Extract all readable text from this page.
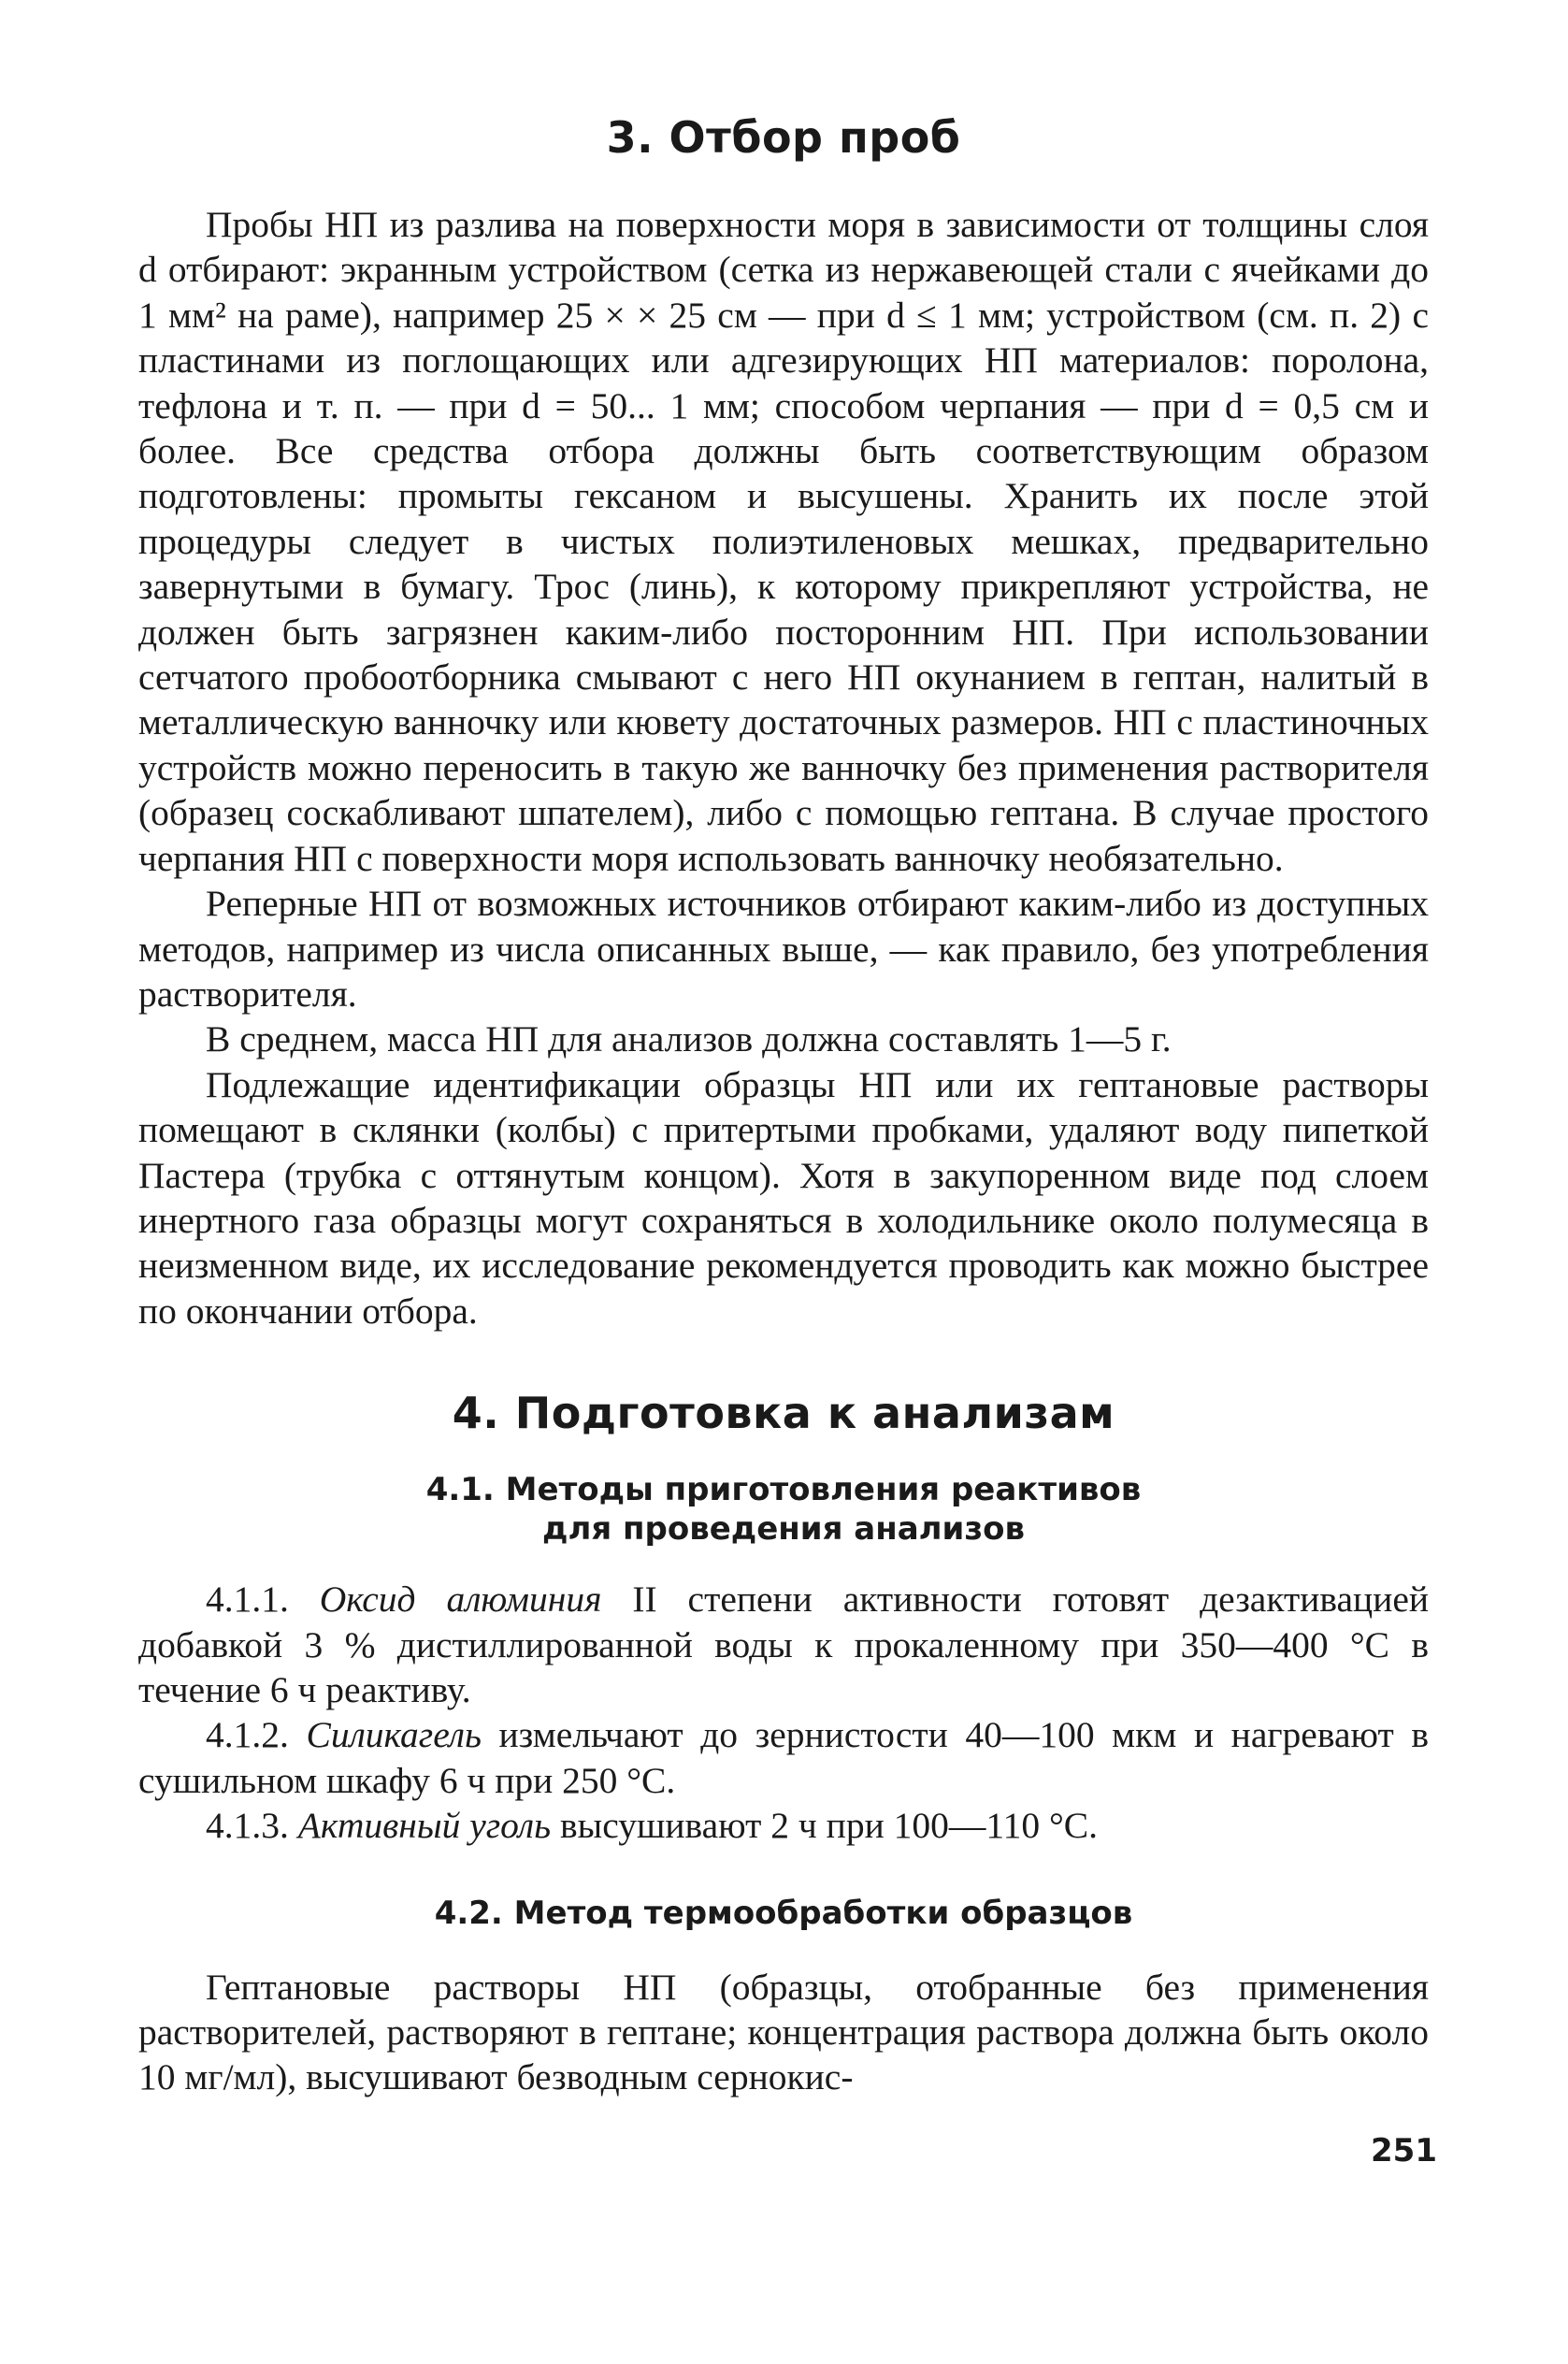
3. Отбор проб

Пробы НП из разлива на поверхности моря в зависимости от толщины слоя d отбирают: экранным устройством (сетка из нержавеющей стали с ячейками до 1 мм² на раме), например 25 × × 25 см — при d ≤ 1 мм; устройством (см. п. 2) с пластинами из поглощающих или адгезирующих НП материалов: поролона, тефлона и т. п. — при d = 50... 1 мм; способом черпания — при d = 0,5 см и более. Все средства отбора должны быть соответствующим образом подготовлены: промыты гексаном и высушены. Хранить их после этой процедуры следует в чистых полиэтиленовых мешках, предварительно завернутыми в бумагу. Трос (линь), к которому прикрепляют устройства, не должен быть загрязнен каким-либо посторонним НП. При использовании сетчатого пробоотборника смывают с него НП окунанием в гептан, налитый в металлическую ванночку или кювету достаточных размеров. НП с пластиночных устройств можно переносить в такую же ванночку без применения растворителя (образец соскабливают шпателем), либо с помощью гептана. В случае простого черпания НП с поверхности моря использовать ванночку необязательно.

Реперные НП от возможных источников отбирают каким-либо из доступных методов, например из числа описанных выше, — как правило, без употребления растворителя.

В среднем, масса НП для анализов должна составлять 1—5 г.

Подлежащие идентификации образцы НП или их гептановые растворы помещают в склянки (колбы) с притертыми пробками, удаляют воду пипеткой Пастера (трубка с оттянутым концом). Хотя в закупоренном виде под слоем инертного газа образцы могут сохраняться в холодильнике около полумесяца в неизменном виде, их исследование рекомендуется проводить как можно быстрее по окончании отбора.

4. Подготовка к анализам
4.1. Методы приготовления реактивов
для проведения анализов

4.1.1. Оксид алюминия II степени активности готовят дезактивацией добавкой 3 % дистиллированной воды к прокаленному при 350—400 °С в течение 6 ч реактиву.

4.1.2. Силикагель измельчают до зернистости 40—100 мкм и нагревают в сушильном шкафу 6 ч при 250 °С.

4.1.3. Активный уголь высушивают 2 ч при 100—110 °С.

4.2. Метод термообработки образцов

Гептановые растворы НП (образцы, отобранные без применения растворителей, растворяют в гептане; концентрация раствора должна быть около 10 мг/мл), высушивают безводным сернокис-

251
